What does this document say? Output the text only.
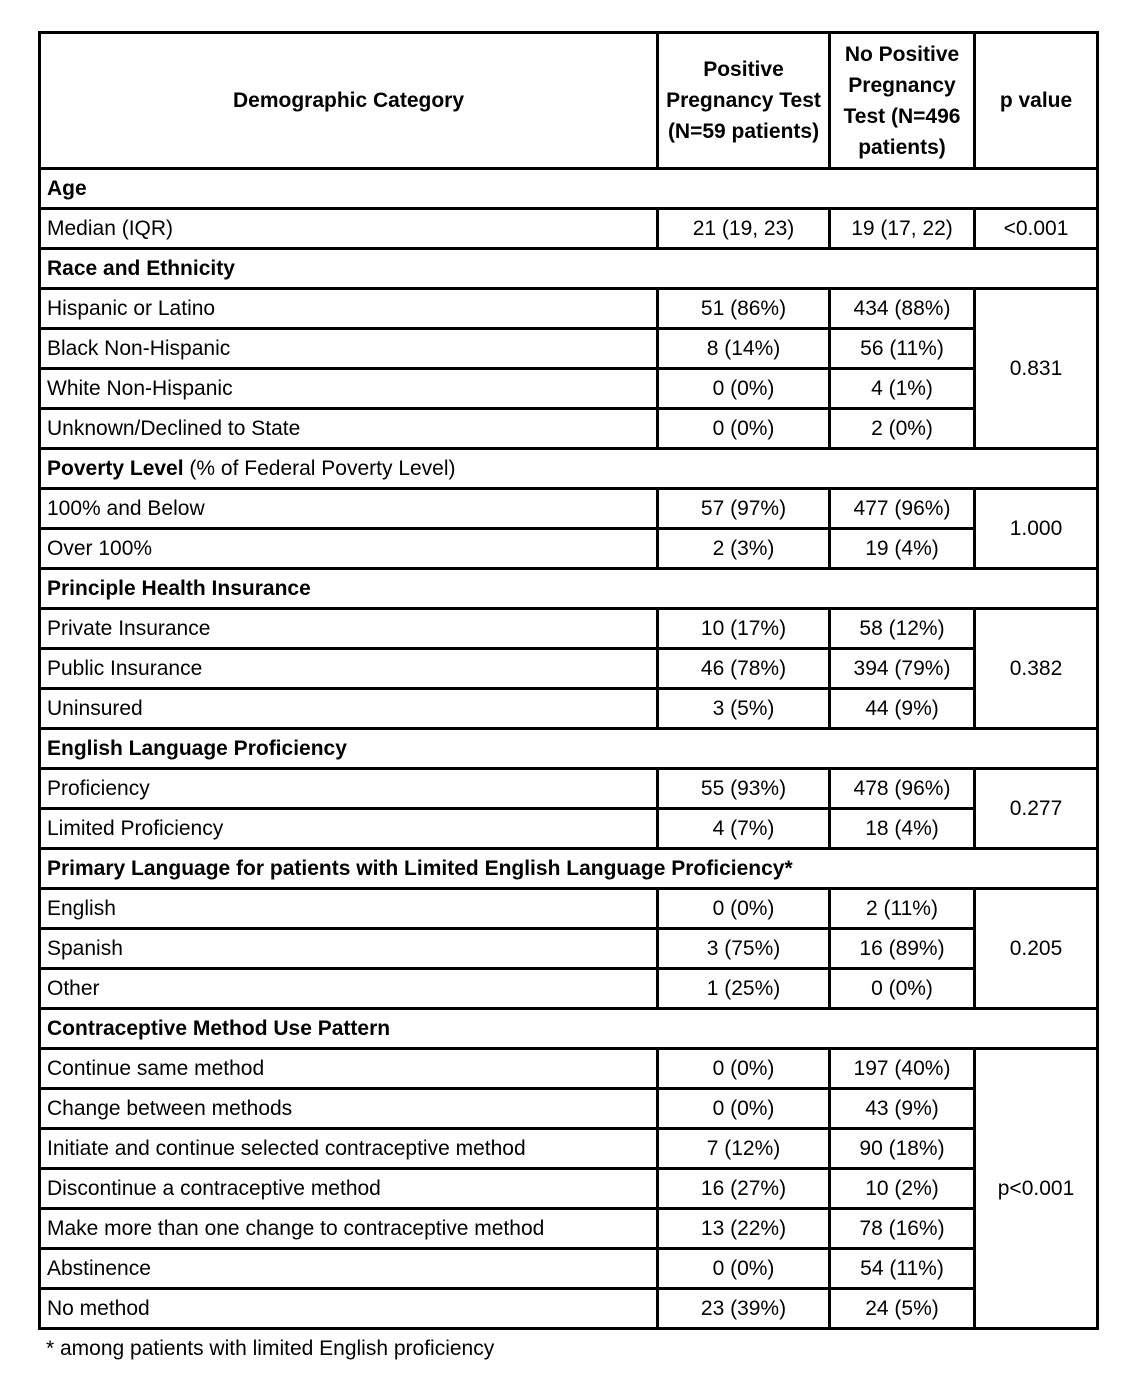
Demographic Category	Positive Pregnancy Test (N=59 patients)	No Positive Pregnancy Test (N=496 patients)	p value
Age			
Median (IQR)	21 (19, 23)	19 (17, 22)	<0.001
Race and Ethnicity			
Hispanic or Latino	51 (86%)	434 (88%)	0.831
Black Non-Hispanic	8 (14%)	56 (11%)	
White Non-Hispanic	0 (0%)	4 (1%)	
Unknown/Declined to State	0 (0%)	2 (0%)	
Poverty Level (% of Federal Poverty Level)			
100% and Below	57 (97%)	477 (96%)	1.000
Over 100%	2 (3%)	19 (4%)	
Principle Health Insurance			
Private Insurance	10 (17%)	58 (12%)	0.382
Public Insurance	46 (78%)	394 (79%)	
Uninsured	3 (5%)	44 (9%)	
English Language Proficiency			
Proficiency	55 (93%)	478 (96%)	0.277
Limited Proficiency	4 (7%)	18 (4%)	
Primary Language for patients with Limited English Language Proficiency*			
English	0 (0%)	2 (11%)	0.205
Spanish	3 (75%)	16 (89%)	
Other	1 (25%)	0 (0%)	
Contraceptive Method Use Pattern			
Continue same method	0 (0%)	197 (40%)	p<0.001
Change between methods	0 (0%)	43 (9%)	
Initiate and continue selected contraceptive method	7 (12%)	90 (18%)	
Discontinue a contraceptive method	16 (27%)	10 (2%)	
Make more than one change to contraceptive method	13 (22%)	78 (16%)	
Abstinence	0 (0%)	54 (11%)	
No method	23 (39%)	24 (5%)	
* among patients with limited English proficiency
